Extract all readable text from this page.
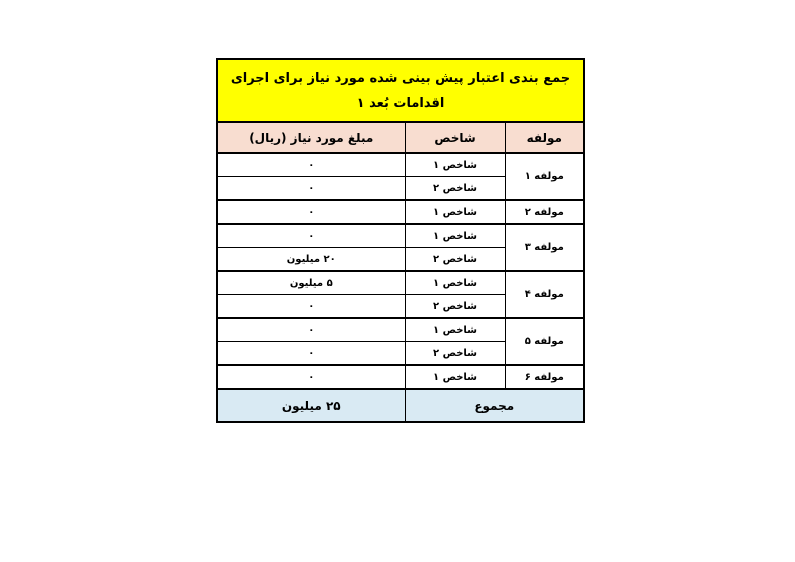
جمع بندی اعتبار پیش بینی شده مورد نیاز برای اجرای
اقدامات بُعد ۱		

مولفه	شاخص	مبلغ مورد نیاز (ریال)
مولفه ۱	شاخص ۱	۰
	شاخص ۲	۰
مولفه ۲	شاخص ۱	۰
مولفه ۳	شاخص ۱	۰
	شاخص ۲	۲۰ میلیون
مولفه ۴	شاخص ۱	۵ میلیون
	شاخص ۲	۰
مولفه ۵	شاخص ۱	۰
	شاخص ۲	۰
مولفه ۶	شاخص ۱	۰
مجموع		۲۵ میلیون
